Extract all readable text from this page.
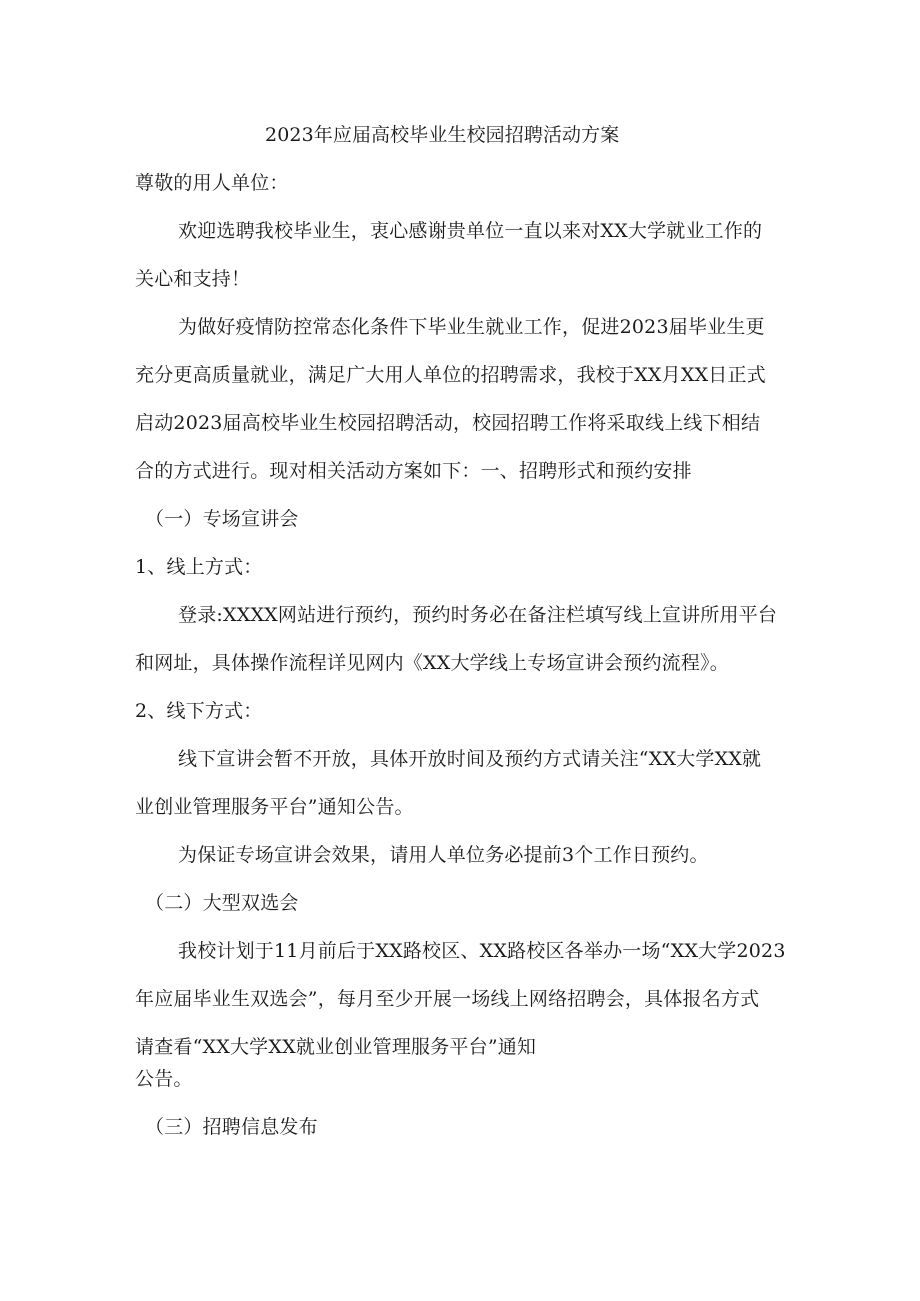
2023年应届高校毕业生校园招聘活动方案
尊敬的用人单位：
欢迎选聘我校毕业生，衷心感谢贵单位一直以来对XX大学就业工作的
关心和支持！
为做好疫情防控常态化条件下毕业生就业工作，促进2023届毕业生更
充分更高质量就业，满足广大用人单位的招聘需求，我校于XX月XX日正式
启动2023届高校毕业生校园招聘活动，校园招聘工作将采取线上线下相结
合的方式进行。现对相关活动方案如下：一、招聘形式和预约安排
（一）专场宣讲会
1、线上方式：
登录:XXXX网站进行预约，预约时务必在备注栏填写线上宣讲所用平台
和网址，具体操作流程详见网内《XX大学线上专场宣讲会预约流程》。
2、线下方式：
线下宣讲会暂不开放，具体开放时间及预约方式请关注“XX大学XX就
业创业管理服务平台”通知公告。
为保证专场宣讲会效果，请用人单位务必提前3个工作日预约。
（二）大型双选会
我校计划于11月前后于XX路校区、XX路校区各举办一场“XX大学2023
年应届毕业生双选会”，每月至少开展一场线上网络招聘会，具体报名方式
请查看“XX大学XX就业创业管理服务平台”通知
公告。
（三）招聘信息发布
